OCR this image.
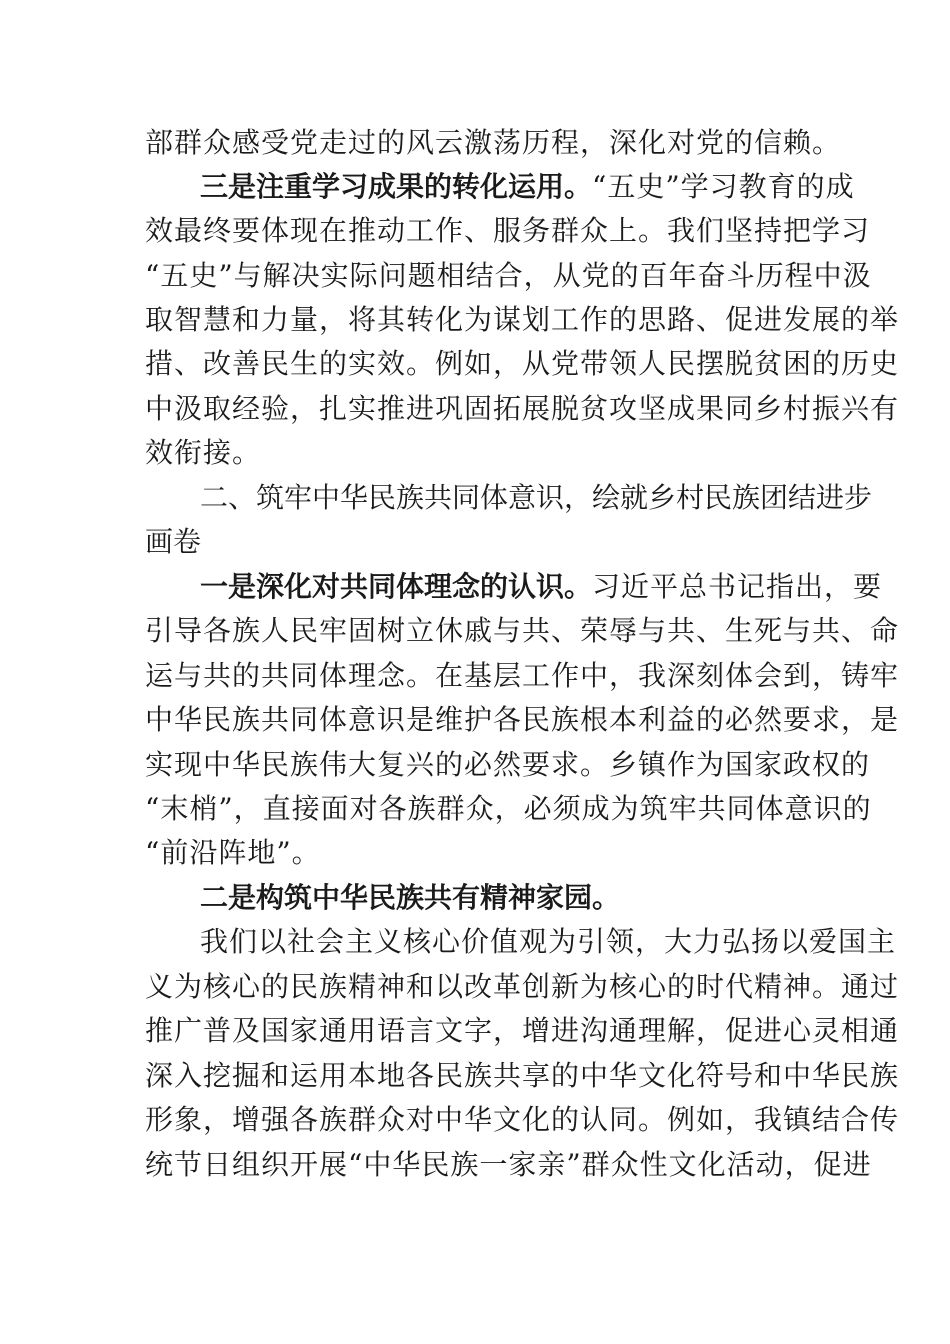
部群众感受党走过的风云激荡历程，深化对党的信赖。
三是注重学习成果的转化运用。“五史”学习教育的成
效最终要体现在推动工作、服务群众上。我们坚持把学习
“五史”与解决实际问题相结合，从党的百年奋斗历程中汲
取智慧和力量，将其转化为谋划工作的思路、促进发展的举
措、改善民生的实效。例如，从党带领人民摆脱贫困的历史
中汲取经验，扎实推进巩固拓展脱贫攻坚成果同乡村振兴有
效衔接。
二、筑牢中华民族共同体意识，绘就乡村民族团结进步
画卷
一是深化对共同体理念的认识。习近平总书记指出，要
引导各族人民牢固树立休戚与共、荣辱与共、生死与共、命
运与共的共同体理念。在基层工作中，我深刻体会到，铸牢
中华民族共同体意识是维护各民族根本利益的必然要求，是
实现中华民族伟大复兴的必然要求。乡镇作为国家政权的
“末梢”，直接面对各族群众，必须成为筑牢共同体意识的
“前沿阵地”。
二是构筑中华民族共有精神家园。
我们以社会主义核心价值观为引领，大力弘扬以爱国主
义为核心的民族精神和以改革创新为核心的时代精神。通过
推广普及国家通用语言文字，增进沟通理解，促进心灵相通
深入挖掘和运用本地各民族共享的中华文化符号和中华民族
形象，增强各族群众对中华文化的认同。例如，我镇结合传
统节日组织开展“中华民族一家亲”群众性文化活动，促进
